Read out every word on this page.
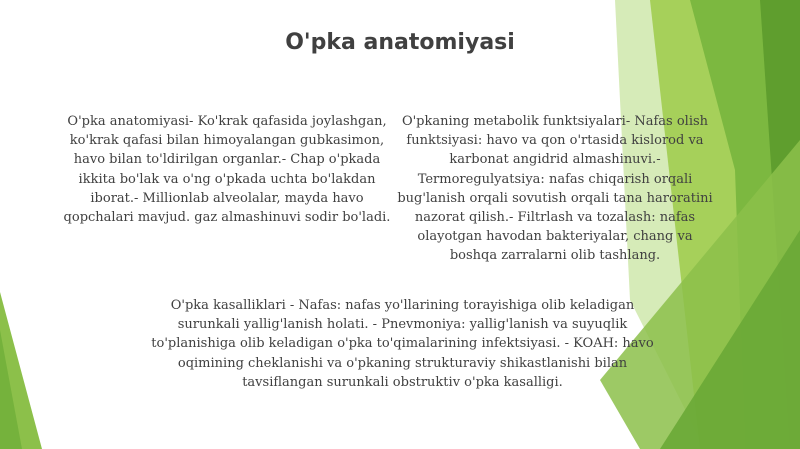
O'pka anatomiyasi
O'pka anatomiyasi- Ko'krak qafasida joylashgan, ko'krak qafasi bilan himoyalangan gubkasimon, havo bilan to'ldirilgan organlar.- Chap o'pkada ikkita bo'lak va o'ng o'pkada uchta bo'lakdan iborat.- Millionlab alveolalar, mayda havo qopchalari mavjud. gaz almashinuvi sodir bo'ladi.
O'pkaning metabolik funktsiyalari- Nafas olish funktsiyasi: havo va qon o'rtasida kislorod va karbonat angidrid almashinuvi.- Termoregulyatsiya: nafas chiqarish orqali bug'lanish orqali sovutish orqali tana haroratini nazorat qilish.- Filtrlash va tozalash: nafas olayotgan havodan bakteriyalar, chang va boshqa zarralarni olib tashlang.
O'pka kasalliklari - Nafas: nafas yo'llarining torayishiga olib keladigan surunkali yallig'lanish holati. - Pnevmoniya: yallig'lanish va suyuqlik to'planishiga olib keladigan o'pka to'qimalarining infektsiyasi. - KOAH: havo oqimining cheklanishi va o'pkaning strukturaviy shikastlanishi bilan tavsiflangan surunkali obstruktiv o'pka kasalligi.
